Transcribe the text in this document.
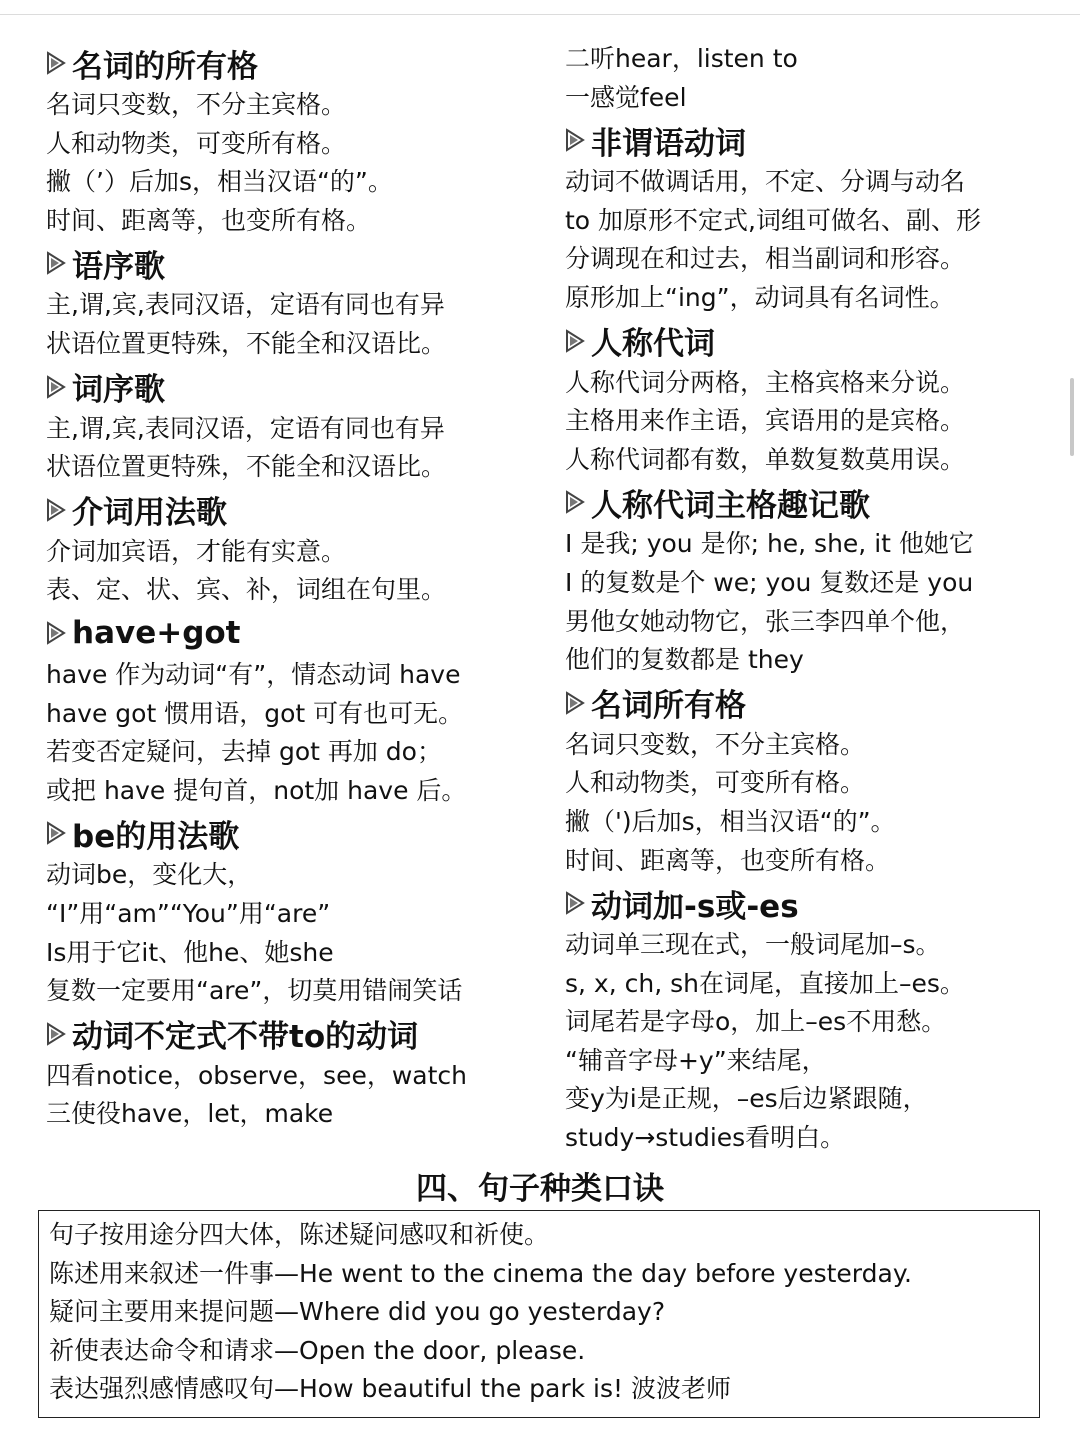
名词的所有格
名词只变数，不分主宾格。
人和动物类，可变所有格。
撇（’）后加s，相当汉语“的”。
时间、距离等，也变所有格。
语序歌
主,谓,宾,表同汉语，定语有同也有异
状语位置更特殊，不能全和汉语比。
词序歌
主,谓,宾,表同汉语，定语有同也有异
状语位置更特殊，不能全和汉语比。
介词用法歌
介词加宾语，才能有实意。
表、定、状、宾、补，词组在句里。
have+got
have 作为动词“有”，情态动词 have
have got 惯用语，got 可有也可无。
若变否定疑问，去掉 got 再加 do；
或把 have 提句首，not加 have 后。
be的用法歌
动词be，变化大，
“I”用“am”“You”用“are”
Is用于它it、他he、她she
复数一定要用“are”，切莫用错闹笑话
动词不定式不带to的动词
四看notice，observe，see，watch
三使役have，let，make
二听hear，listen to
一感觉feel
非谓语动词
动词不做调话用，不定、分调与动名
to 加原形不定式,词组可做名、副、形
分调现在和过去，相当副词和形容。
原形加上“ing”，动词具有名词性。
人称代词
人称代词分两格，主格宾格来分说。
主格用来作主语，宾语用的是宾格。
人称代词都有数，单数复数莫用误。
人称代词主格趣记歌
I 是我; you 是你; he, she, it 他她它
I 的复数是个 we; you 复数还是 you
男他女她动物它，张三李四单个他，
他们的复数都是 they
名词所有格
名词只变数，不分主宾格。
人和动物类，可变所有格。
撇（')后加s，相当汉语“的”。
时间、距离等，也变所有格。
动词加-s或-es
动词单三现在式，一般词尾加–s。
s, x, ch, sh在词尾，直接加上–es。
词尾若是字母o，加上–es不用愁。
“辅音字母+y”来结尾，
变y为i是正规，–es后边紧跟随，
study→studies看明白。
四、句子种类口诀
句子按用途分四大体，陈述疑问感叹和祈使。
陈述用来叙述一件事—He went to the cinema the day before yesterday.
疑问主要用来提问题—Where did you go yesterday?
祈使表达命令和请求—Open the door, please.
表达强烈感情感叹句—How beautiful the park is! 波波老师
